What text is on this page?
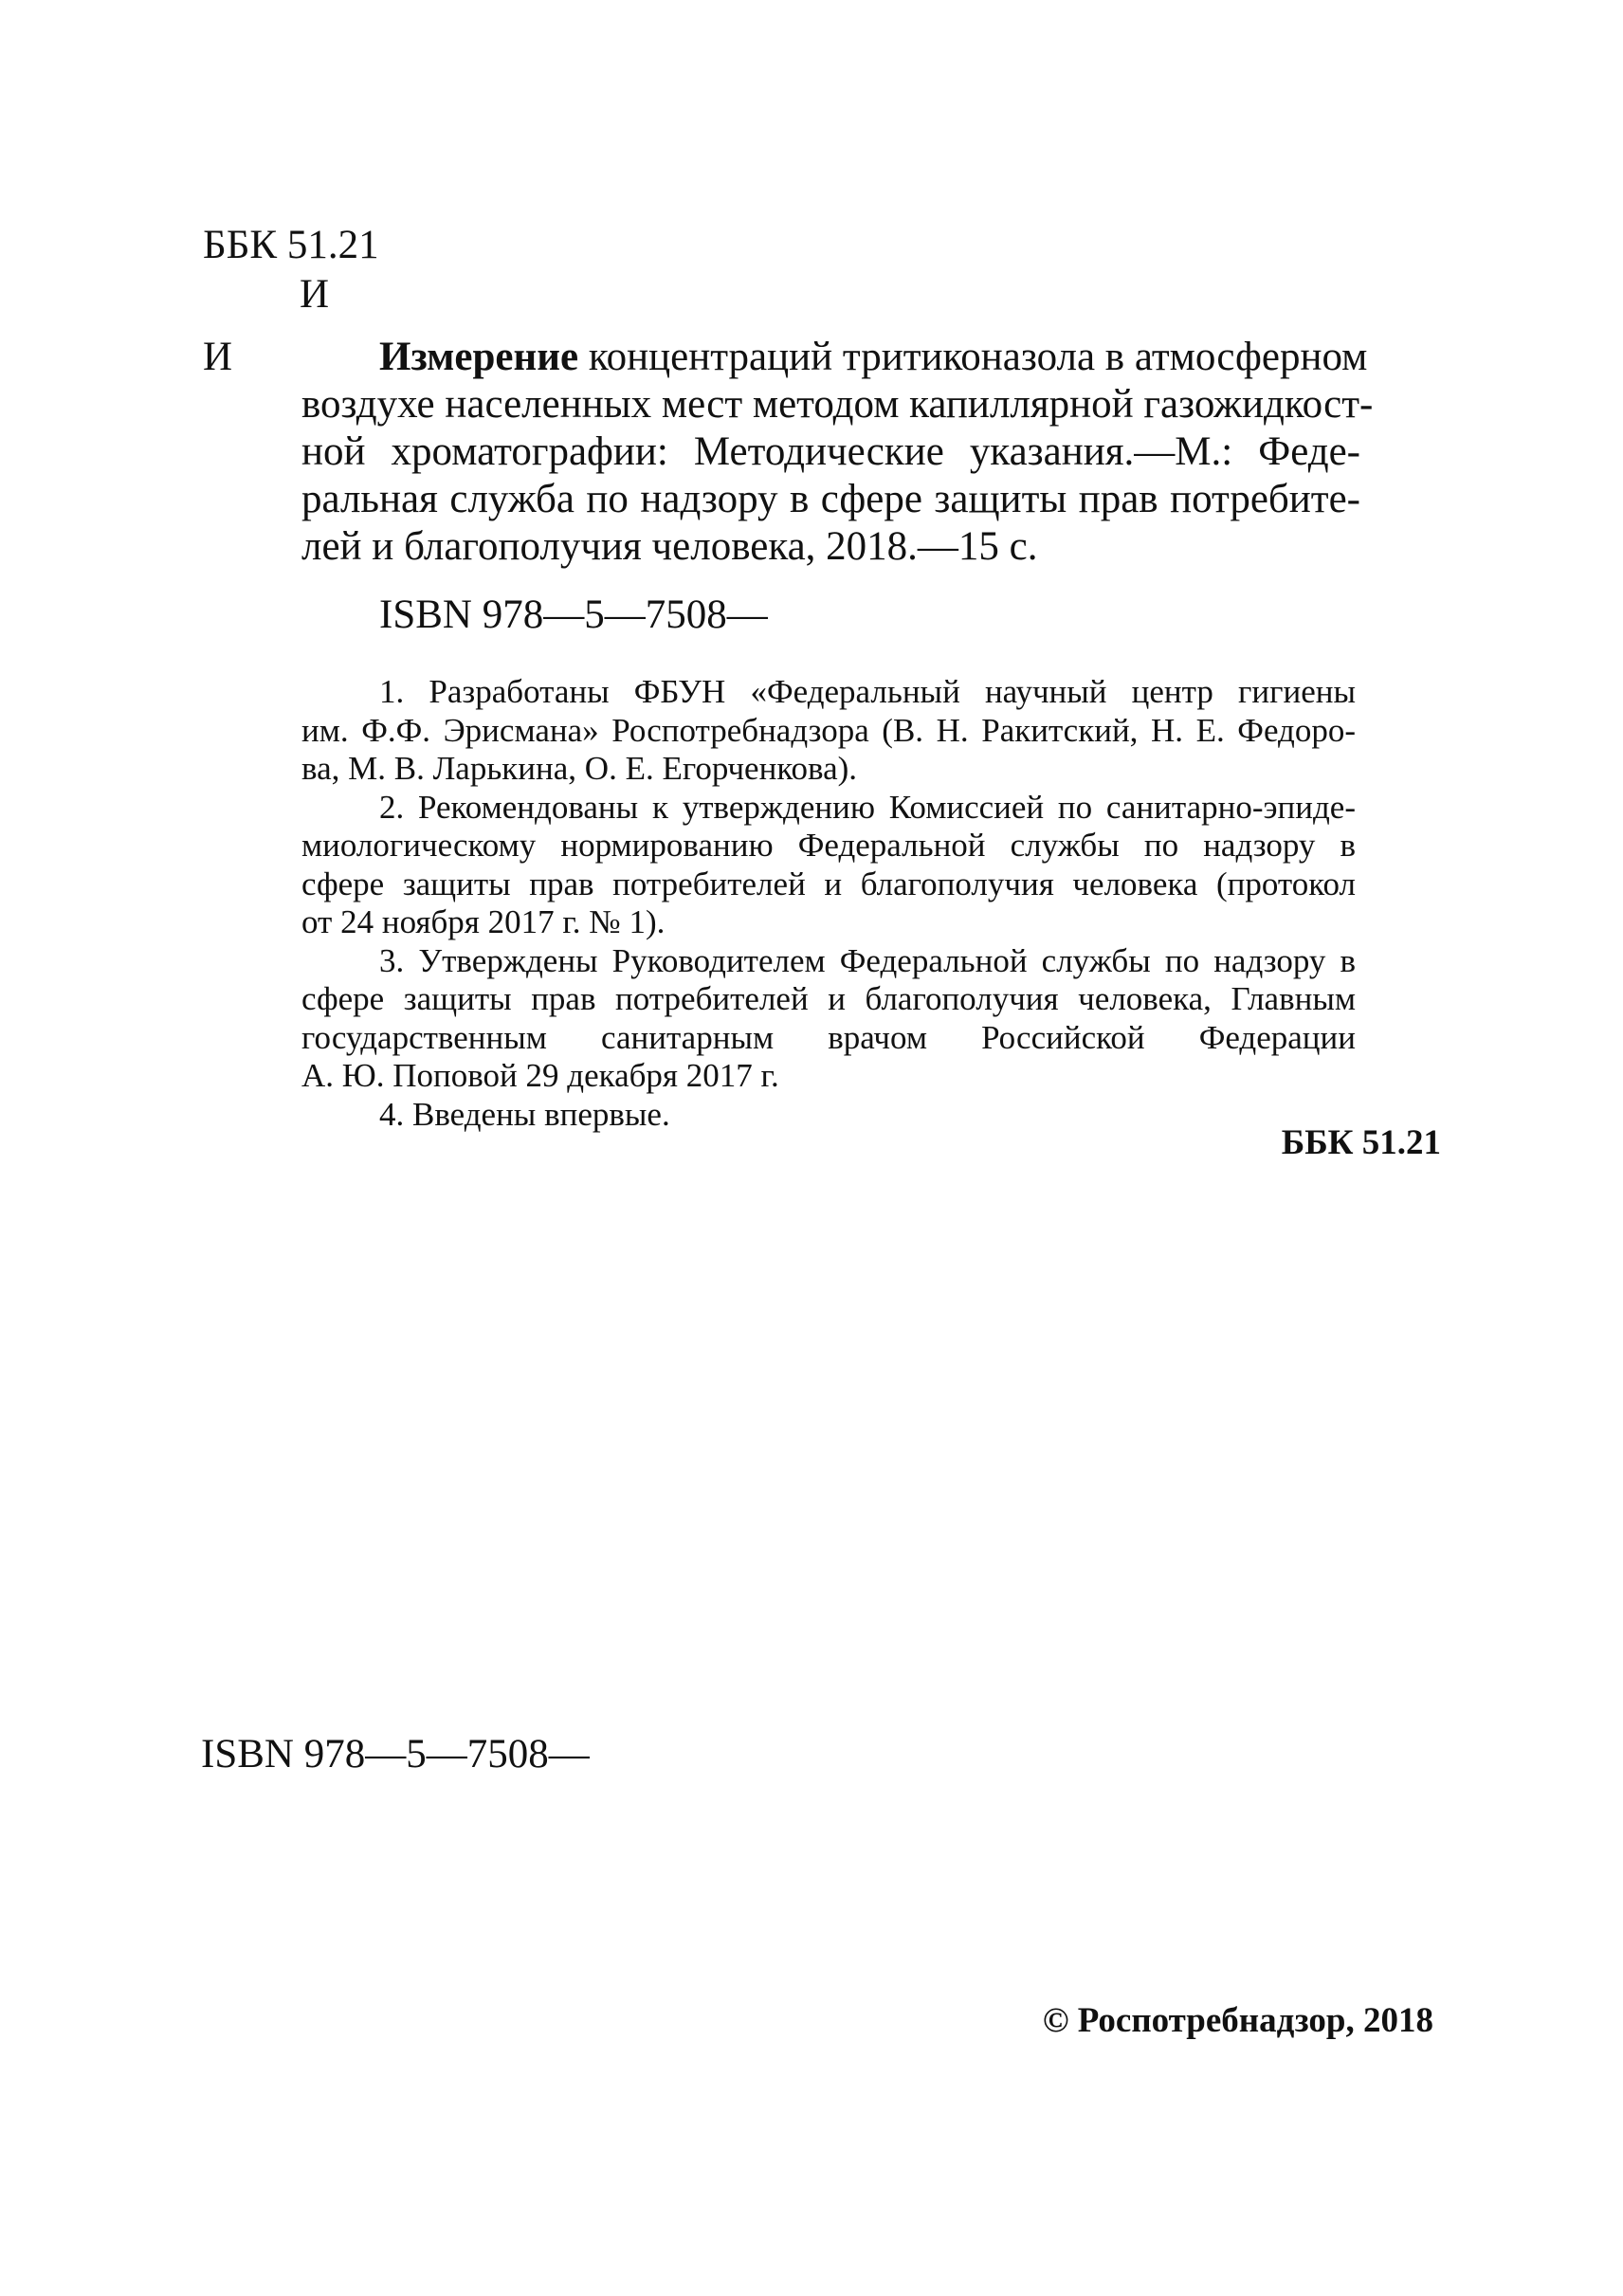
ББК 51.21
И
И	Измерение концентраций тритиконазола в атмосферном
воздухе населенных мест методом капиллярной газожидкост-
ной хроматографии: Методические указания.—М.: Феде-
ральная служба по надзору в сфере защиты прав потребите-
лей и благополучия человека, 2018.—15 с.
ISBN 978—5—7508—
1. Разработаны ФБУН «Федеральный научный центр гигиены
им. Ф.Ф. Эрисмана» Роспотребнадзора (В. Н. Ракитский, Н. Е. Федоро-
ва, М. В. Ларькина, О. Е. Егорченкова).
2. Рекомендованы к утверждению Комиссией по санитарно-эпиде-
миологическому нормированию Федеральной службы по надзору в
сфере защиты прав потребителей и благополучия человека (протокол
от 24 ноября 2017 г. № 1).
3. Утверждены Руководителем Федеральной службы по надзору в
сфере защиты прав потребителей и благополучия человека, Главным
государственным санитарным врачом Российской Федерации
А. Ю. Поповой 29 декабря 2017 г.
4. Введены впервые.
ББК 51.21
ISBN 978—5—7508—
© Роспотребнадзор, 2018
